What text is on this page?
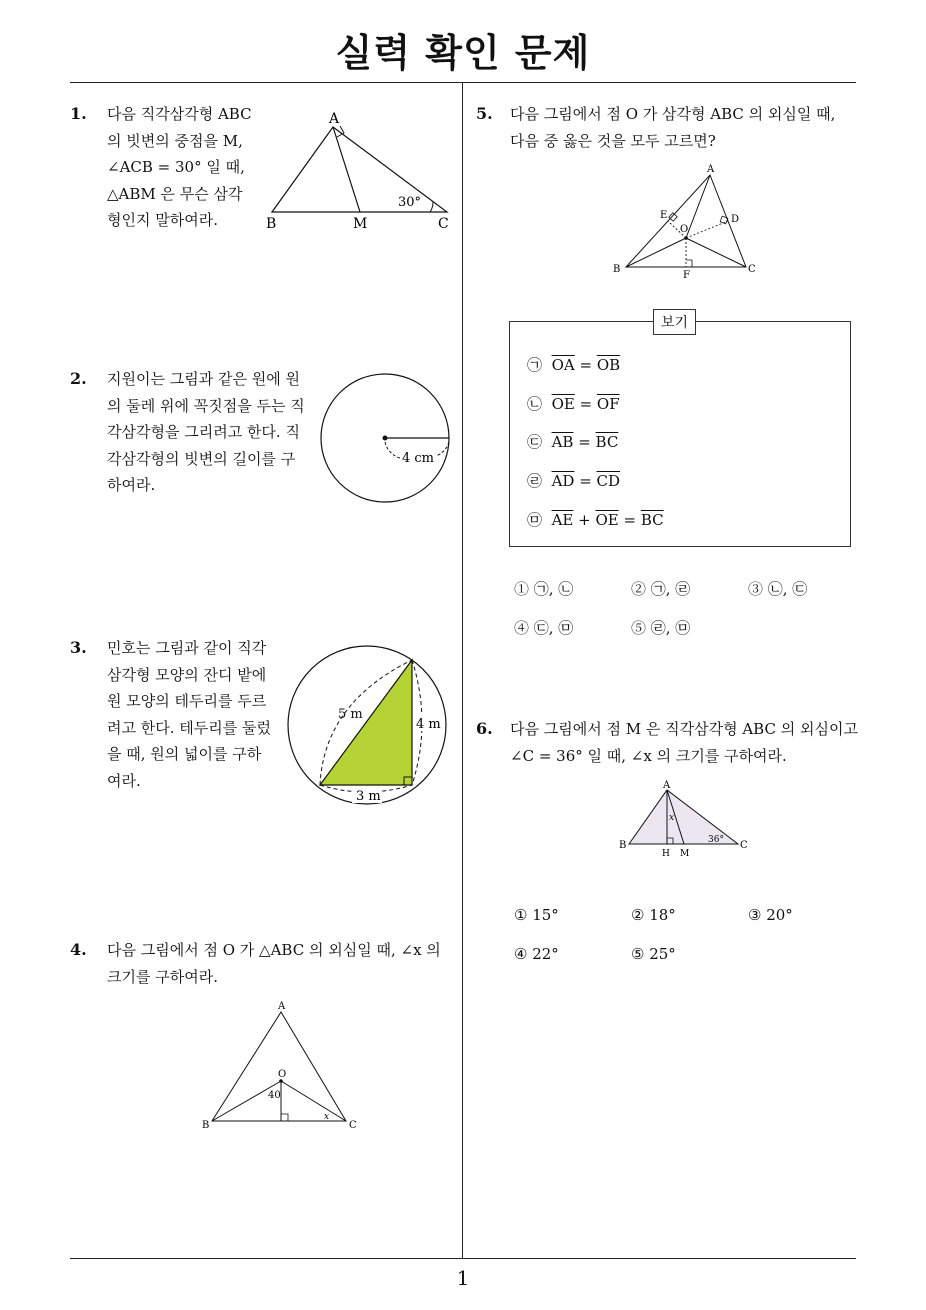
실력 확인 문제
1
1. 다음 직각삼각형 ABC
의 빗변의 중점을 M,
∠ACB = 30° 일 때,
△ABM 은 무슨 삼각
형인지 말하여라.
A
B	M	C
30°
2. 지원이는 그림과 같은 원에 원
의 둘레 위에 꼭짓점을 두는 직
각삼각형을 그리려고 한다. 직
각삼각형의 빗변의 길이를 구
하여라.
4 cm
3. 민호는 그림과 같이 직각
삼각형 모양의 잔디 밭에
원 모양의 테두리를 두르
려고 한다. 테두리를 둘렀
을 때, 원의 넓이를 구하
여라.
5 m
4 m
3 m
4. 다음 그림에서 점 O 가 △ABC 의 외심일 때, ∠x 의
크기를 구하여라.
A
B	C
O
40
x
5. 다음 그림에서 점 O 가 삼각형 ABC 의 외심일 때,
다음 중 옳은 것을 모두 고르면?
A
B	C
O
D
E
F
보기
㉠ $\overline{OA} = \overline{OB}$
㉡ $\overline{OE} = \overline{OF}$
㉢ $\overline{AB} = \overline{BC}$
㉣ $\overline{AD} = \overline{CD}$
㉤ $\overline{AE} + \overline{OE} = \overline{BC}$
① ㉠, ㉡	② ㉠, ㉣	③ ㉡, ㉢
④ ㉢, ㉤	⑤ ㉣, ㉤
6. 다음 그림에서 점 M 은 직각삼각형 ABC 의 외심이고
∠C = 36° 일 때, ∠x 의 크기를 구하여라.
A
B	C
H M
x
36°
① 15°	② 18°	③ 20°
④ 22°	⑤ 25°
